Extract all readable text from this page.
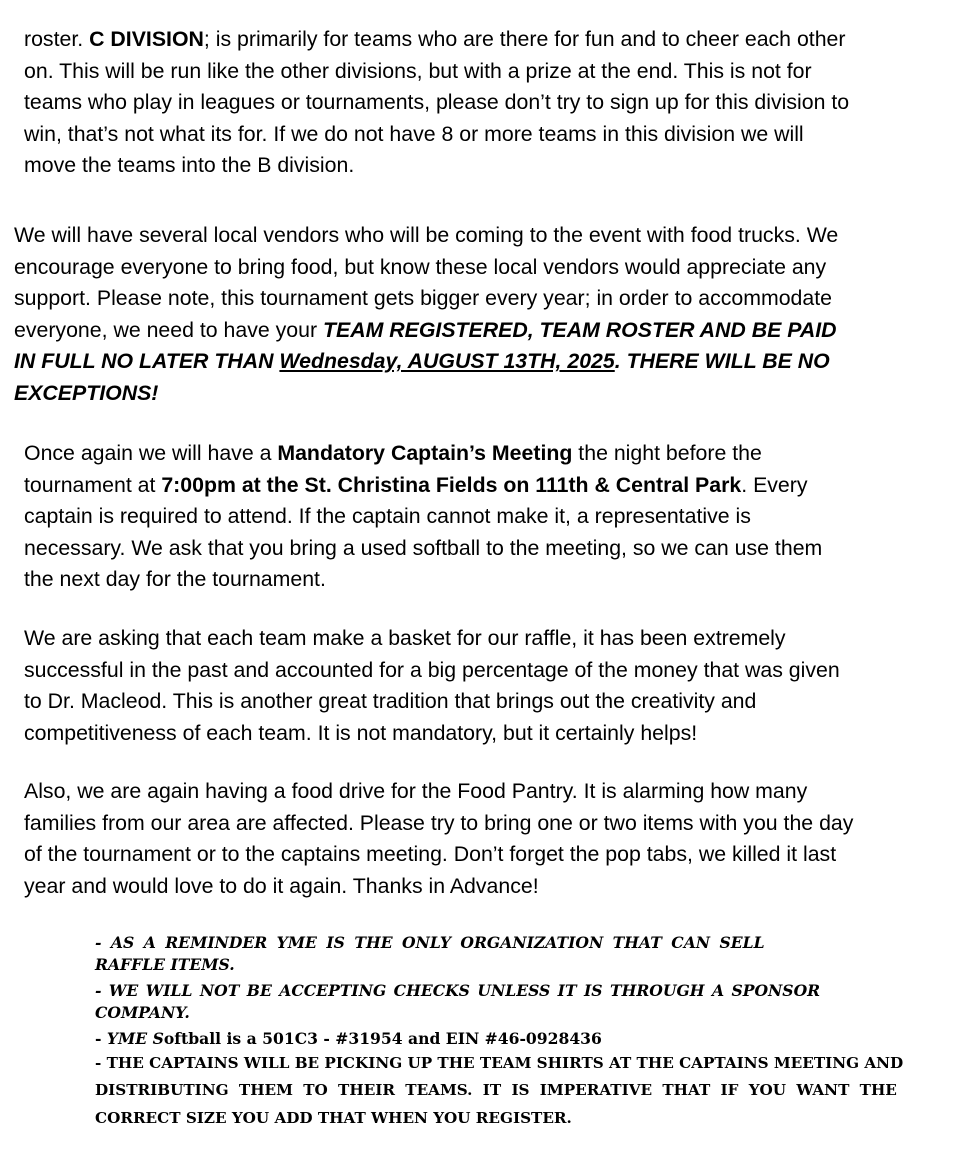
roster. C DIVISION; is primarily for teams who are there for fun and to cheer each other
on. This will be run like the other divisions, but with a prize at the end. This is not for
teams who play in leagues or tournaments, please don’t try to sign up for this division to
win, that’s not what its for. If we do not have 8 or more teams in this division we will
move the teams into the B division.
We will have several local vendors who will be coming to the event with food trucks. We
encourage everyone to bring food, but know these local vendors would appreciate any
support. Please note, this tournament gets bigger every year; in order to accommodate
everyone, we need to have your TEAM REGISTERED, TEAM ROSTER AND BE PAID
IN FULL NO LATER THAN Wednesday, AUGUST 13TH, 2025. THERE WILL BE NO
EXCEPTIONS!
Once again we will have a Mandatory Captain’s Meeting the night before the
tournament at 7:00pm at the St. Christina Fields on 111th & Central Park. Every
captain is required to attend. If the captain cannot make it, a representative is
necessary. We ask that you bring a used softball to the meeting, so we can use them
the next day for the tournament.
We are asking that each team make a basket for our raffle, it has been extremely
successful in the past and accounted for a big percentage of the money that was given
to Dr. Macleod. This is another great tradition that brings out the creativity and
competitiveness of each team. It is not mandatory, but it certainly helps!
Also, we are again having a food drive for the Food Pantry. It is alarming how many
families from our area are affected. Please try to bring one or two items with you the day
of the tournament or to the captains meeting. Don’t forget the pop tabs, we killed it last
year and would love to do it again. Thanks in Advance!
- AS A REMINDER YME IS THE ONLY ORGANIZATION THAT CAN SELL
RAFFLE ITEMS.
- WE WILL NOT BE ACCEPTING CHECKS UNLESS IT IS THROUGH A SPONSOR
COMPANY.
- YME Softball is a 501C3 - #31954 and EIN #46-0928436
- THE CAPTAINS WILL BE PICKING UP THE TEAM SHIRTS AT THE CAPTAINS MEETING AND
DISTRIBUTING THEM TO THEIR TEAMS. IT IS IMPERATIVE THAT IF YOU WANT THE
CORRECT SIZE YOU ADD THAT WHEN YOU REGISTER.
